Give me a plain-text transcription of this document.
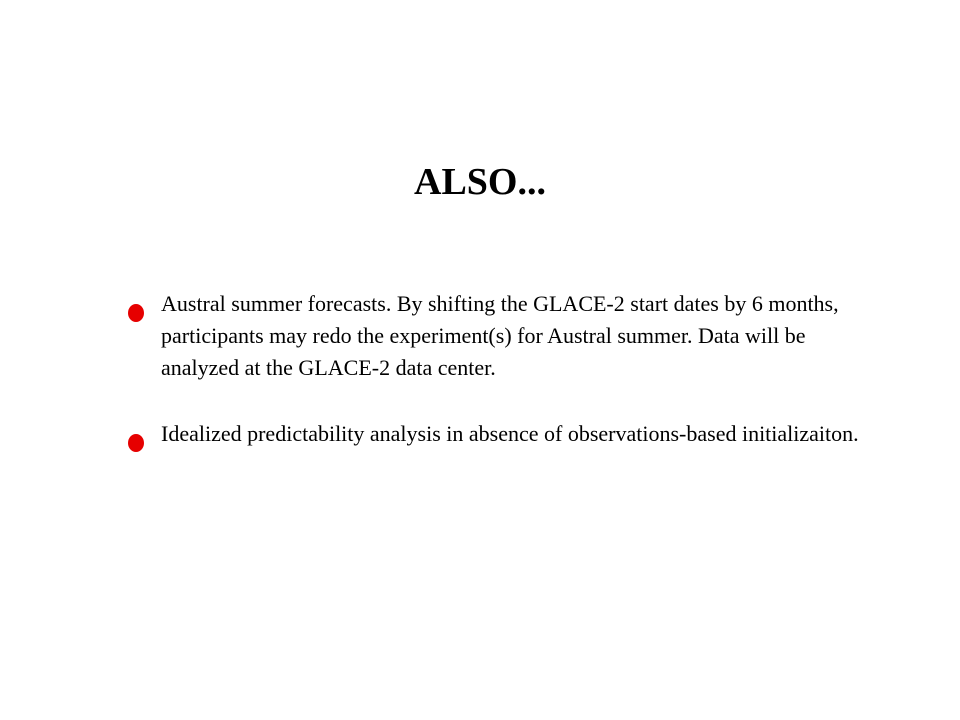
ALSO...
Austral summer forecasts. By shifting the GLACE-2 start dates by 6 months, participants may redo the experiment(s) for Austral summer. Data will be analyzed at the GLACE-2 data center.
Idealized predictability analysis in absence of observations-based initializaiton.
